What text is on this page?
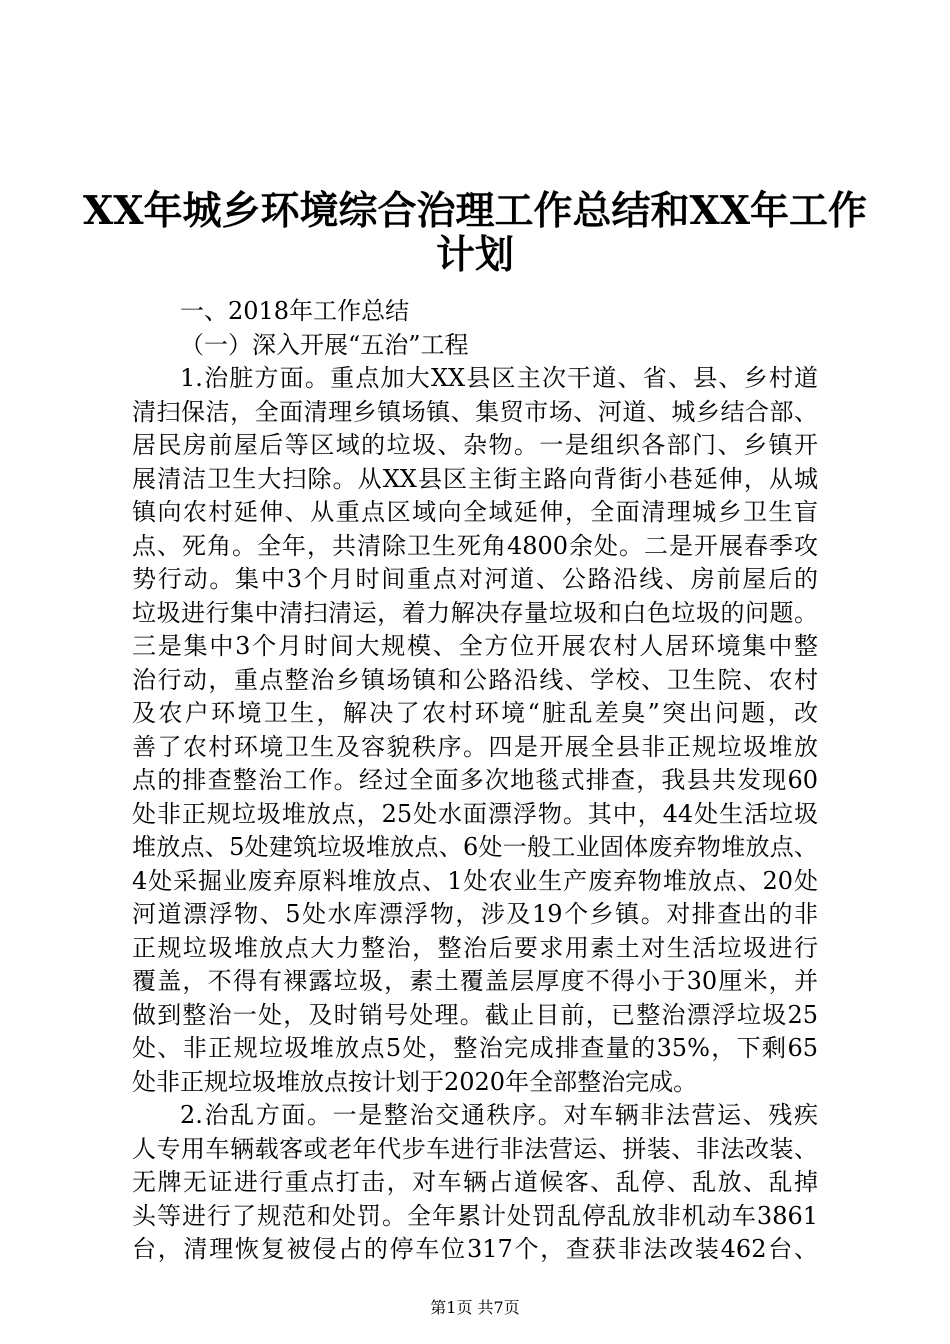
XX年城乡环境综合治理工作总结和XX年工作
计划

一、2018年工作总结

（一）深入开展“五治”工程

1.治脏方面。重点加大XX县区主次干道、省、县、乡村道

清扫保洁，全面清理乡镇场镇、集贸市场、河道、城乡结合部、

居民房前屋后等区域的垃圾、杂物。一是组织各部门、乡镇开

展清洁卫生大扫除。从XX县区主街主路向背街小巷延伸，从城

镇向农村延伸、从重点区域向全域延伸，全面清理城乡卫生盲

点、死角。全年，共清除卫生死角4800余处。二是开展春季攻

势行动。集中3个月时间重点对河道、公路沿线、房前屋后的

垃圾进行集中清扫清运，着力解决存量垃圾和白色垃圾的问题。

三是集中3个月时间大规模、全方位开展农村人居环境集中整

治行动，重点整治乡镇场镇和公路沿线、学校、卫生院、农村

及农户环境卫生，解决了农村环境“脏乱差臭”突出问题，改

善了农村环境卫生及容貌秩序。四是开展全县非正规垃圾堆放

点的排查整治工作。经过全面多次地毯式排查，我县共发现60

处非正规垃圾堆放点，25处水面漂浮物。其中，44处生活垃圾

堆放点、5处建筑垃圾堆放点、6处一般工业固体废弃物堆放点、

4处采掘业废弃原料堆放点、1处农业生产废弃物堆放点、20处

河道漂浮物、5处水库漂浮物，涉及19个乡镇。对排查出的非

正规垃圾堆放点大力整治，整治后要求用素土对生活垃圾进行

覆盖，不得有裸露垃圾，素土覆盖层厚度不得小于30厘米，并

做到整治一处，及时销号处理。截止目前，已整治漂浮垃圾25

处、非正规垃圾堆放点5处，整治完成排查量的35%，下剩65

处非正规垃圾堆放点按计划于2020年全部整治完成。

2.治乱方面。一是整治交通秩序。对车辆非法营运、残疾

人专用车辆载客或老年代步车进行非法营运、拼装、非法改装、

无牌无证进行重点打击，对车辆占道候客、乱停、乱放、乱掉

头等进行了规范和处罚。全年累计处罚乱停乱放非机动车3861

台，清理恢复被侵占的停车位317个，查获非法改装462台、

第1页 共7页
